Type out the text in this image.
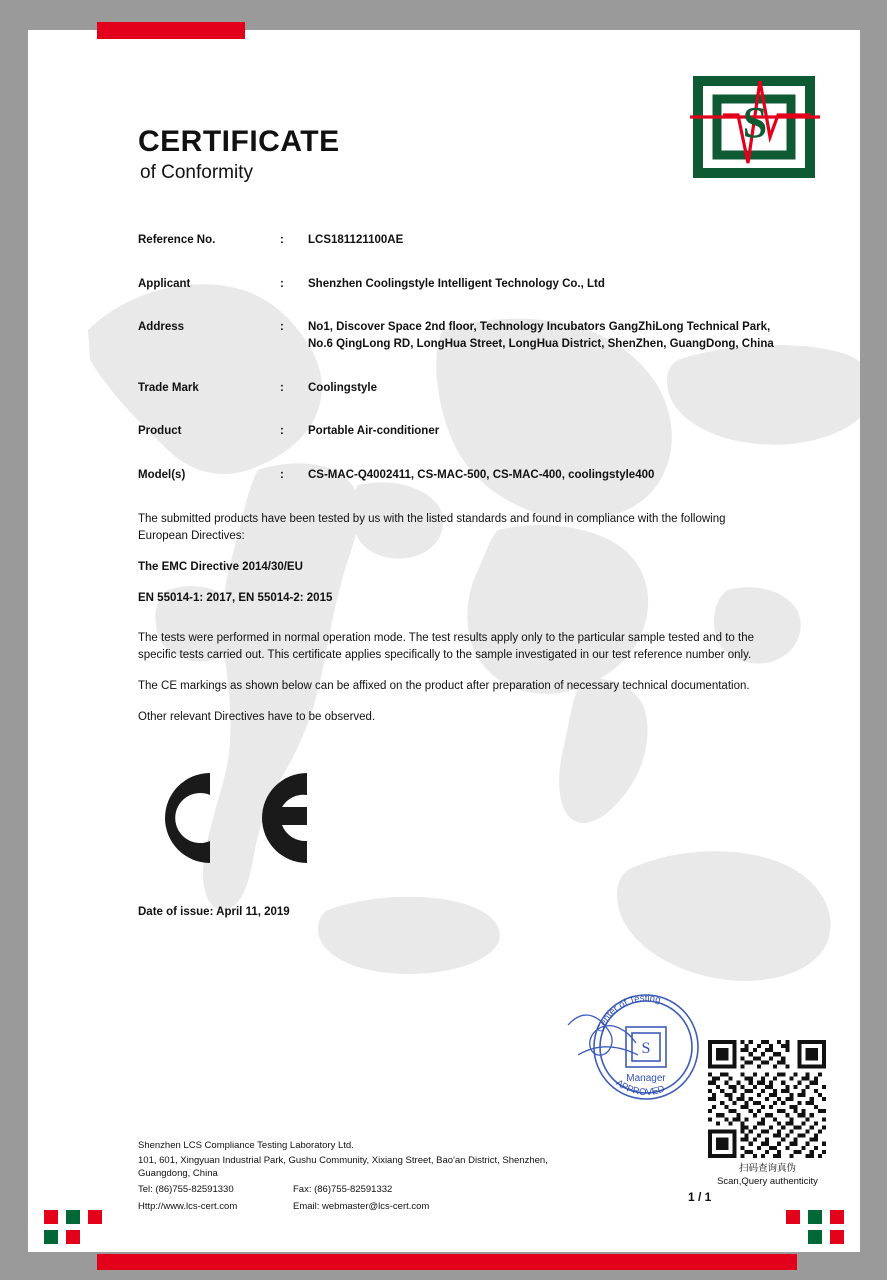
S
CERTIFICATE
of Conformity
Reference No.	:	LCS181121100AE
Applicant	:	Shenzhen Coolingstyle Intelligent Technology Co., Ltd
Address	:	No1, Discover Space 2nd floor, Technology Incubators GangZhiLong Technical Park, No.6 QingLong RD, LongHua Street, LongHua District, ShenZhen, GuangDong, China
Trade Mark	:	Coolingstyle
Product	:	Portable Air-conditioner
Model(s)	:	CS-MAC-Q4002411, CS-MAC-500, CS-MAC-400, coolingstyle400

The submitted products have been tested by us with the listed standards and found in compliance with the following European Directives:

The EMC Directive 2014/30/EU

EN 55014-1: 2017, EN 55014-2: 2015

The tests were performed in normal operation mode. The test results apply only to the particular sample tested and to the specific tests carried out. This certificate applies specifically to the sample investigated in our test reference number only.

The CE markings as shown below can be affixed on the product after preparation of necessary technical documentation.

Other relevant Directives have to be observed.

Date of issue: April 11, 2019
Center of Testing
APPROVED
S
Manager
扫码查询真伪
Scan,Query authenticity
Shenzhen LCS Compliance Testing Laboratory Ltd.
101, 601, Xingyuan Industrial Park, Gushu Community, Xixiang Street, Bao'an District, Shenzhen,
Guangdong, China
Tel: (86)755-82591330	Fax: (86)755-82591332
Http://www.lcs-cert.com	Email: webmaster@lcs-cert.com
1 / 1
